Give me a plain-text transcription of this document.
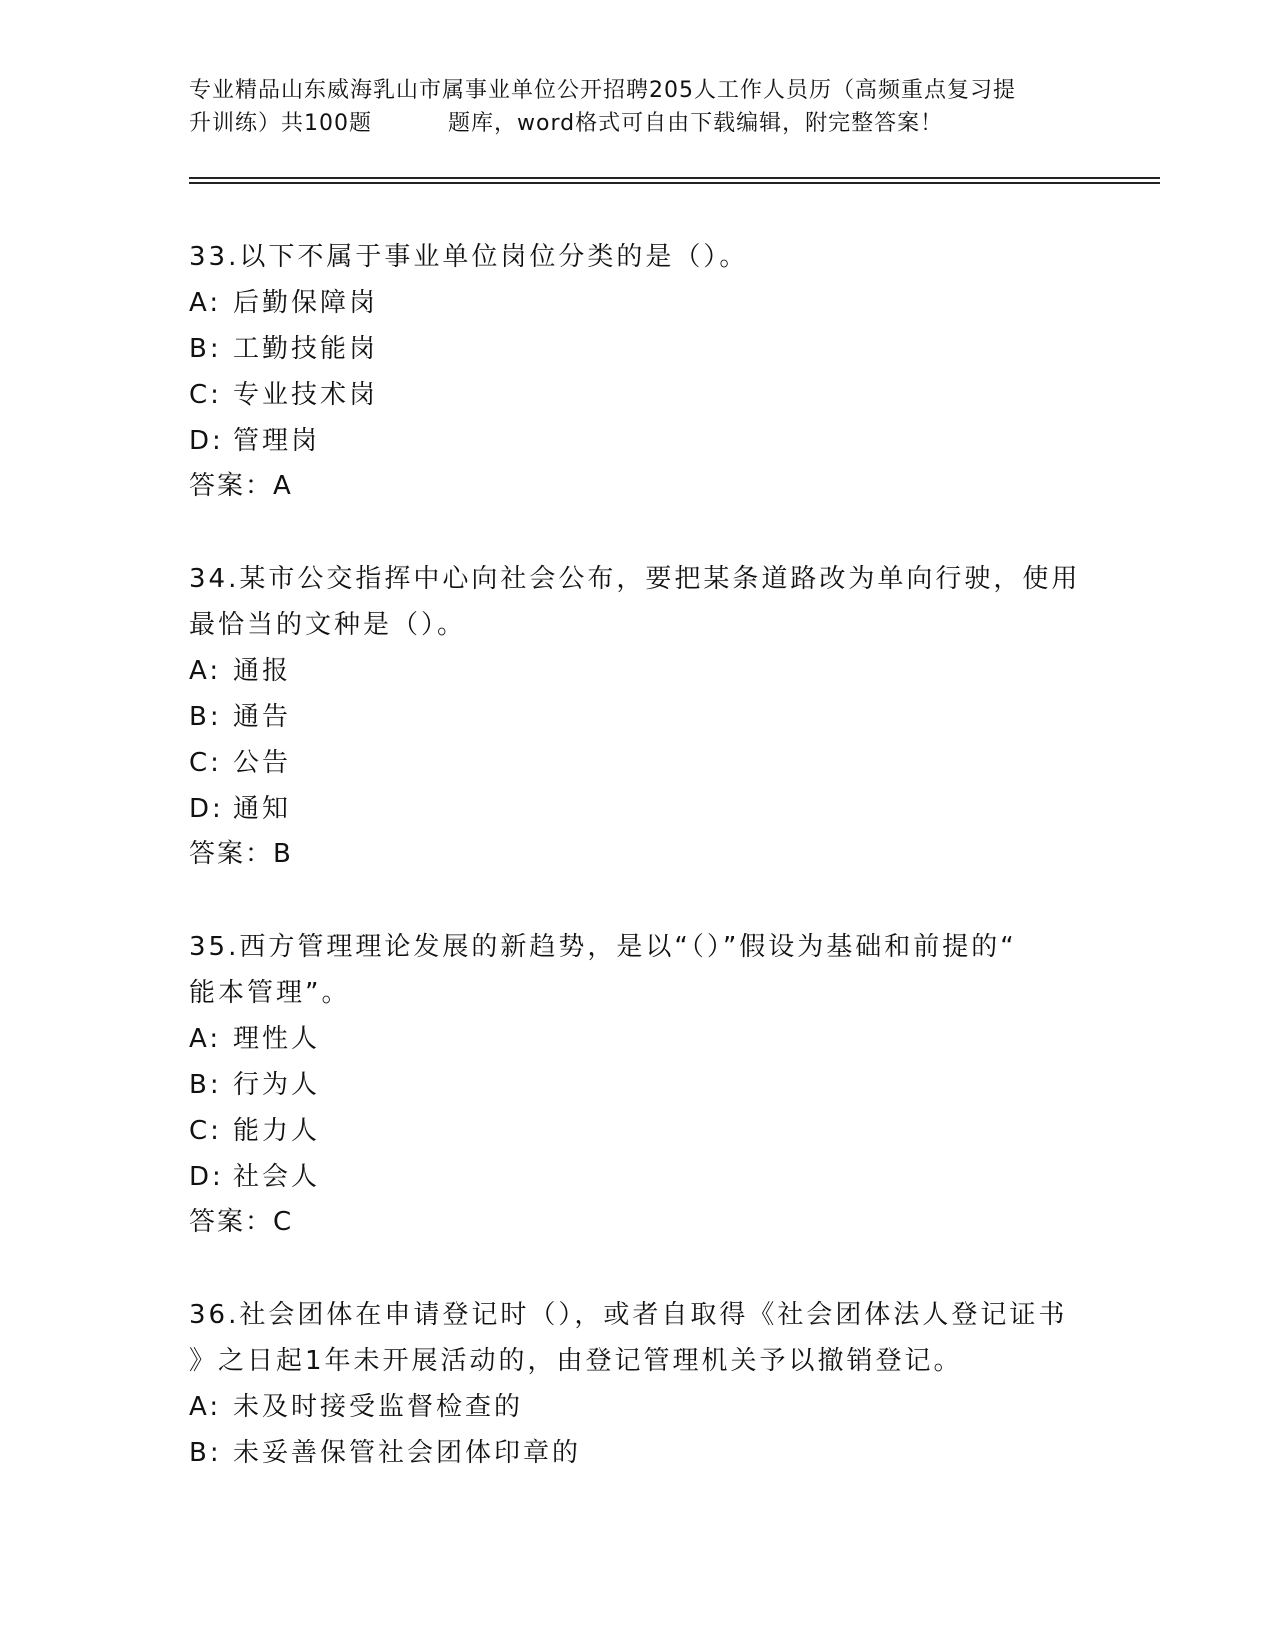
专业精品山东威海乳山市属事业单位公开招聘205人工作人员历（高频重点复习提
升训练）共100题	题库，word格式可自由下载编辑，附完整答案！

33.以下不属于事业单位岗位分类的是（）。

A: 后勤保障岗

B: 工勤技能岗

C: 专业技术岗

D: 管理岗

答案：A

34.某市公交指挥中心向社会公布，要把某条道路改为单向行驶，使用

最恰当的文种是（）。

A: 通报

B: 通告

C: 公告

D: 通知

答案：B

35.西方管理理论发展的新趋势，是以“（）”假设为基础和前提的“

能本管理”。

A: 理性人

B: 行为人

C: 能力人

D: 社会人

答案：C

36.社会团体在申请登记时（），或者自取得《社会团体法人登记证书

》之日起1年未开展活动的，由登记管理机关予以撤销登记。

A: 未及时接受监督检查的

B: 未妥善保管社会团体印章的
